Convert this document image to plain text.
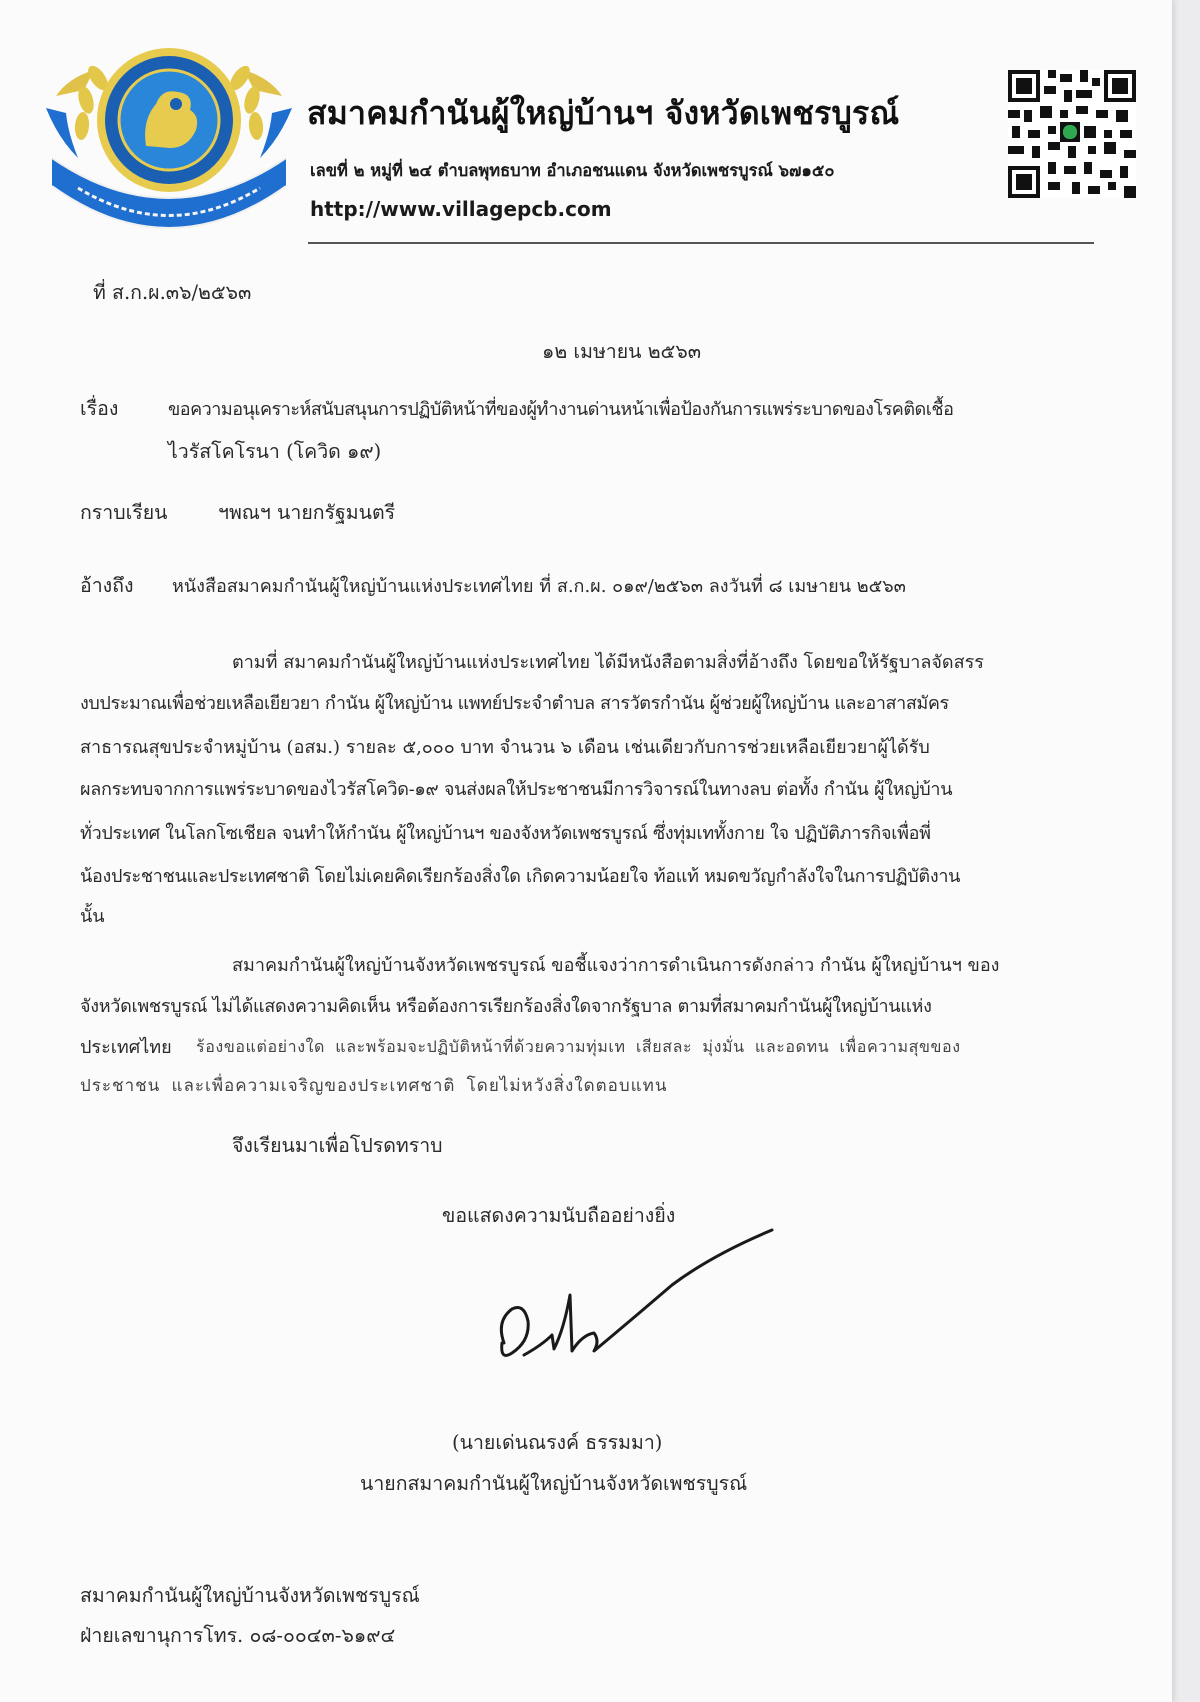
สมาคมกำนันผู้ใหญ่บ้านฯ จังหวัดเพชรบูรณ์
เลขที่ ๒ หมู่ที่ ๒๔ ตำบลพุทธบาท อำเภอชนแดน จังหวัดเพชรบูรณ์ ๖๗๑๕๐
http://www.villagepcb.com
ที่ ส.ก.ผ.๓๖/๒๕๖๓
๑๒ เมษายน ๒๕๖๓
เรื่อง	ขอความอนุเคราะห์สนับสนุนการปฏิบัติหน้าที่ของผู้ทำงานด่านหน้าเพื่อป้องกันการแพร่ระบาดของโรคติดเชื้อ
ไวรัสโคโรนา (โควิด ๑๙)
กราบเรียน	ฯพณฯ นายกรัฐมนตรี
อ้างถึง หนังสือสมาคมกำนันผู้ใหญ่บ้านแห่งประเทศไทย ที่ ส.ก.ผ. ๐๑๙/๒๕๖๓ ลงวันที่ ๘ เมษายน ๒๕๖๓
ตามที่ สมาคมกำนันผู้ใหญ่บ้านแห่งประเทศไทย ได้มีหนังสือตามสิ่งที่อ้างถึง โดยขอให้รัฐบาลจัดสรร
งบประมาณเพื่อช่วยเหลือเยียวยา กำนัน ผู้ใหญ่บ้าน แพทย์ประจำตำบล สารวัตรกำนัน ผู้ช่วยผู้ใหญ่บ้าน และอาสาสมัคร
สาธารณสุขประจำหมู่บ้าน (อสม.) รายละ ๕,๐๐๐ บาท จำนวน ๖ เดือน เช่นเดียวกับการช่วยเหลือเยียวยาผู้ได้รับ
ผลกระทบจากการแพร่ระบาดของไวรัสโควิด-๑๙ จนส่งผลให้ประชาชนมีการวิจารณ์ในทางลบ ต่อทั้ง กำนัน ผู้ใหญ่บ้าน
ทั่วประเทศ ในโลกโซเชียล จนทำให้กำนัน ผู้ใหญ่บ้านฯ ของจังหวัดเพชรบูรณ์ ซึ่งทุ่มเททั้งกาย ใจ ปฏิบัติภารกิจเพื่อพี่
น้องประชาชนและประเทศชาติ โดยไม่เคยคิดเรียกร้องสิ่งใด เกิดความน้อยใจ ท้อแท้ หมดขวัญกำลังใจในการปฏิบัติงาน
นั้น
สมาคมกำนันผู้ใหญ่บ้านจังหวัดเพชรบูรณ์ ขอชี้แจงว่าการดำเนินการดังกล่าว กำนัน ผู้ใหญ่บ้านฯ ของ
จังหวัดเพชรบูรณ์ ไม่ได้แสดงความคิดเห็น หรือต้องการเรียกร้องสิ่งใดจากรัฐบาล ตามที่สมาคมกำนันผู้ใหญ่บ้านแห่ง
ประเทศไทย ร้องขอแต่อย่างใด และพร้อมจะปฏิบัติหน้าที่ด้วยความทุ่มเท เสียสละ มุ่งมั่น และอดทน เพื่อความสุขของ
ประชาชน และเพื่อความเจริญของประเทศชาติ โดยไม่หวังสิ่งใดตอบแทน
จึงเรียนมาเพื่อโปรดทราบ
ขอแสดงความนับถืออย่างยิ่ง
(นายเด่นณรงค์ ธรรมมา)
นายกสมาคมกำนันผู้ใหญ่บ้านจังหวัดเพชรบูรณ์
สมาคมกำนันผู้ใหญ่บ้านจังหวัดเพชรบูรณ์
ฝ่ายเลขานุการโทร. ๐๘-๐๐๔๓-๖๑๙๔
